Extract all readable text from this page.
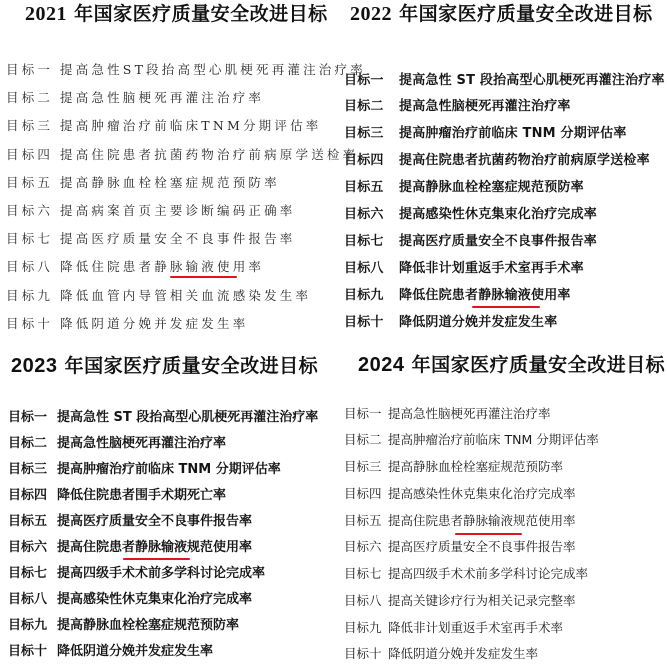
2021 年国家医疗质量安全改进目标
目标一 提高急性ST段抬高型心肌梗死再灌注治疗率
目标二 提高急性脑梗死再灌注治疗率
目标三 提高肿瘤治疗前临床TNM分期评估率
目标四 提高住院患者抗菌药物治疗前病原学送检率
目标五 提高静脉血栓栓塞症规范预防率
目标六 提高病案首页主要诊断编码正确率
目标七 提高医疗质量安全不良事件报告率
目标八 降低住院患者静脉输液使用率
目标九 降低血管内导管相关血流感染发生率
目标十 降低阴道分娩并发症发生率
2022 年国家医疗质量安全改进目标
目标一 提高急性 ST 段抬高型心肌梗死再灌注治疗率
目标二 提高急性脑梗死再灌注治疗率
目标三 提高肿瘤治疗前临床 TNM 分期评估率
目标四 提高住院患者抗菌药物治疗前病原学送检率
目标五 提高静脉血栓栓塞症规范预防率
目标六 提高感染性休克集束化治疗完成率
目标七 提高医疗质量安全不良事件报告率
目标八 降低非计划重返手术室再手术率
目标九 降低住院患者静脉输液使用率
目标十 降低阴道分娩并发症发生率
2023 年国家医疗质量安全改进目标
目标一 提高急性 ST 段抬高型心肌梗死再灌注治疗率
目标二 提高急性脑梗死再灌注治疗率
目标三 提高肿瘤治疗前临床 TNM 分期评估率
目标四 降低住院患者围手术期死亡率
目标五 提高医疗质量安全不良事件报告率
目标六 提高住院患者静脉输液规范使用率
目标七 提高四级手术术前多学科讨论完成率
目标八 提高感染性休克集束化治疗完成率
目标九 提高静脉血栓栓塞症规范预防率
目标十 降低阴道分娩并发症发生率
2024 年国家医疗质量安全改进目标
目标一 提高急性脑梗死再灌注治疗率
目标二 提高肿瘤治疗前临床 TNM 分期评估率
目标三 提高静脉血栓栓塞症规范预防率
目标四 提高感染性休克集束化治疗完成率
目标五 提高住院患者静脉输液规范使用率
目标六 提高医疗质量安全不良事件报告率
目标七 提高四级手术术前多学科讨论完成率
目标八 提高关键诊疗行为相关记录完整率
目标九 降低非计划重返手术室再手术率
目标十 降低阴道分娩并发症发生率
